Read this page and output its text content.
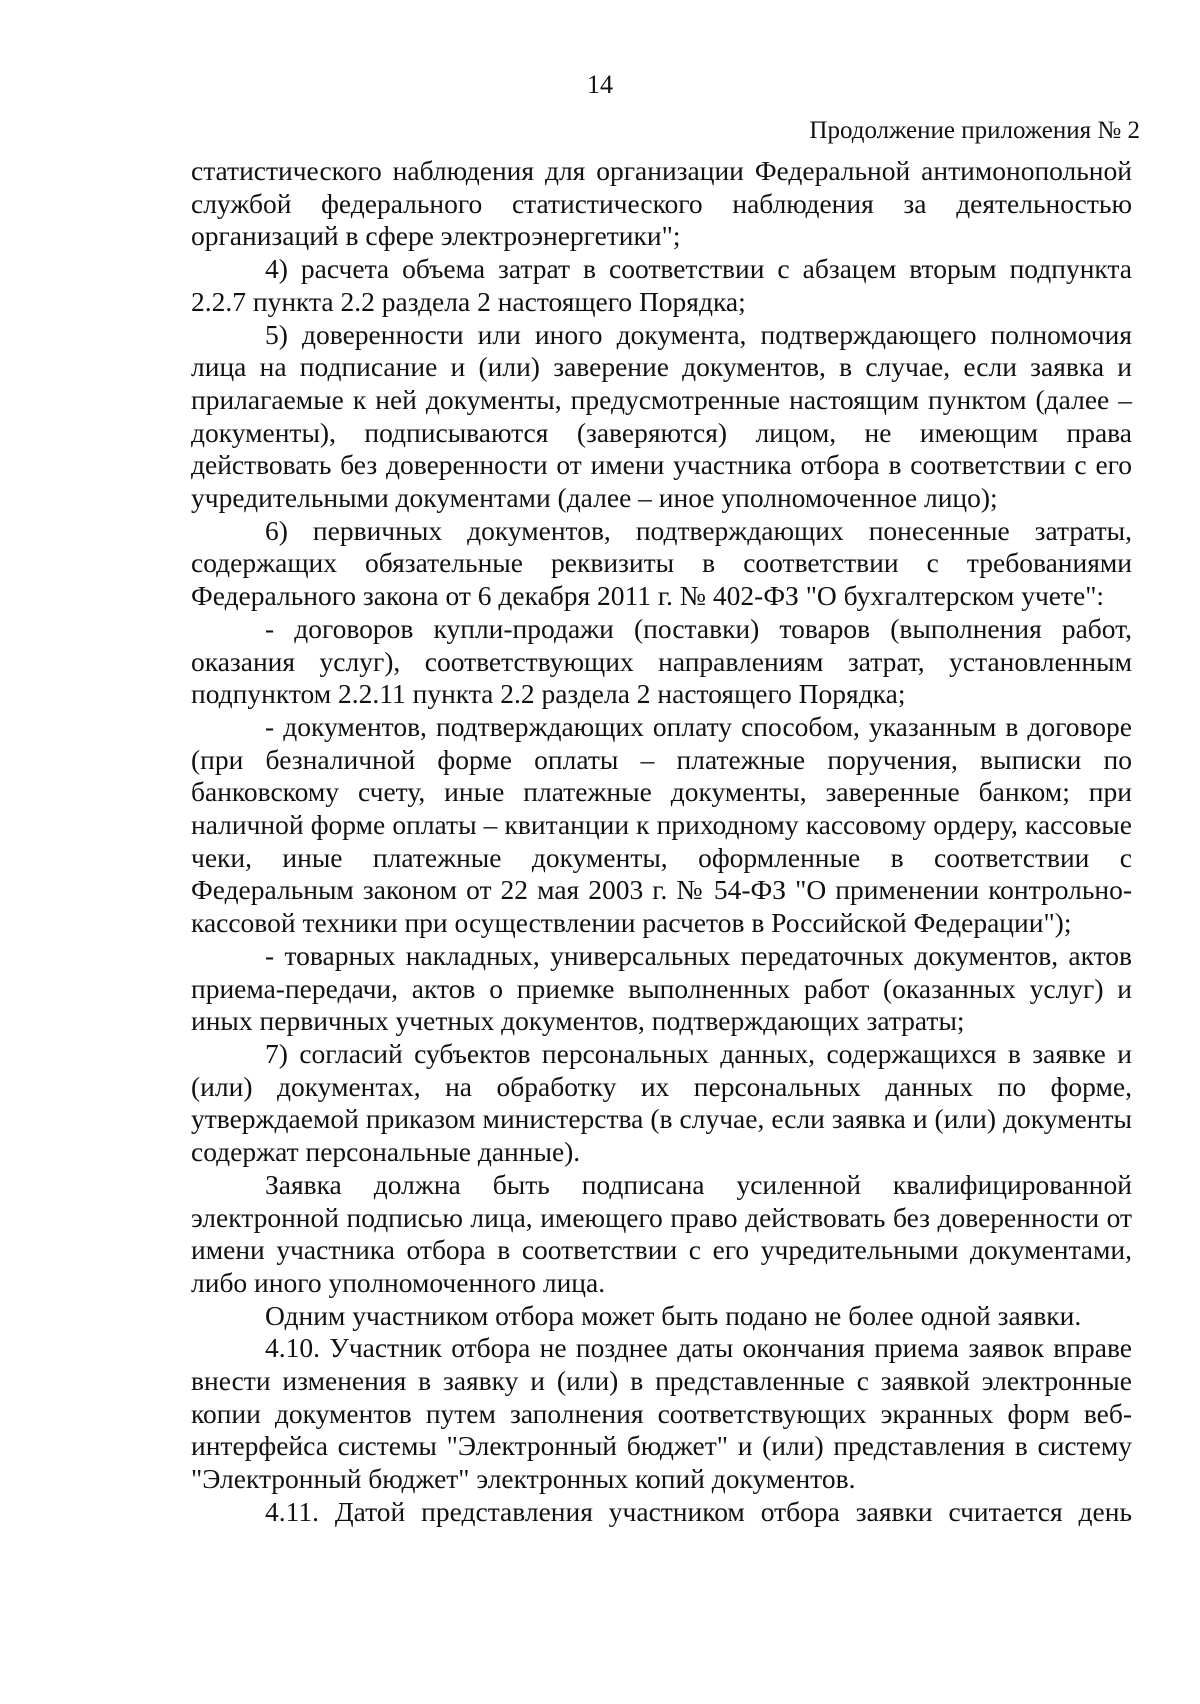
14
Продолжение приложения № 2

статистического наблюдения для организации Федеральной антимонопольной службой федерального статистического наблюдения за деятельностью организаций в сфере электроэнергетики";

4) расчета объема затрат в соответствии с абзацем вторым подпункта 2.2.7 пункта 2.2 раздела 2 настоящего Порядка;

5) доверенности или иного документа, подтверждающего полномочия лица на подписание и (или) заверение документов, в случае, если заявка и прилагаемые к ней документы, предусмотренные настоящим пунктом (далее – документы), подписываются (заверяются) лицом, не имеющим права действовать без доверенности от имени участника отбора в соответствии с его учредительными документами (далее – иное уполномоченное лицо);

6) первичных документов, подтверждающих понесенные затраты, содержащих обязательные реквизиты в соответствии с требованиями Федерального закона от 6 декабря 2011 г. № 402-ФЗ "О бухгалтерском учете":

- договоров купли-продажи (поставки) товаров (выполнения работ, оказания услуг), соответствующих направлениям затрат, установленным подпунктом 2.2.11 пункта 2.2 раздела 2 настоящего Порядка;

- документов, подтверждающих оплату способом, указанным в договоре (при безналичной форме оплаты – платежные поручения, выписки по банковскому счету, иные платежные документы, заверенные банком; при наличной форме оплаты – квитанции к приходному кассовому ордеру, кассовые чеки, иные платежные документы, оформленные в соответствии с Федеральным законом от 22 мая 2003 г. № 54-ФЗ "О применении контрольно-кассовой техники при осуществлении расчетов в Российской Федерации");

- товарных накладных, универсальных передаточных документов, актов приема-передачи, актов о приемке выполненных работ (оказанных услуг) и иных первичных учетных документов, подтверждающих затраты;

7) согласий субъектов персональных данных, содержащихся в заявке и (или) документах, на обработку их персональных данных по форме, утверждаемой приказом министерства (в случае, если заявка и (или) документы содержат персональные данные).

Заявка должна быть подписана усиленной квалифицированной электронной подписью лица, имеющего право действовать без доверенности от имени участника отбора в соответствии с его учредительными документами, либо иного уполномоченного лица.

Одним участником отбора может быть подано не более одной заявки.

4.10. Участник отбора не позднее даты окончания приема заявок вправе внести изменения в заявку и (или) в представленные с заявкой электронные копии документов путем заполнения соответствующих экранных форм веб-интерфейса системы "Электронный бюджет" и (или) представления в систему "Электронный бюджет" электронных копий документов.

4.11. Датой представления участником отбора заявки считается день
